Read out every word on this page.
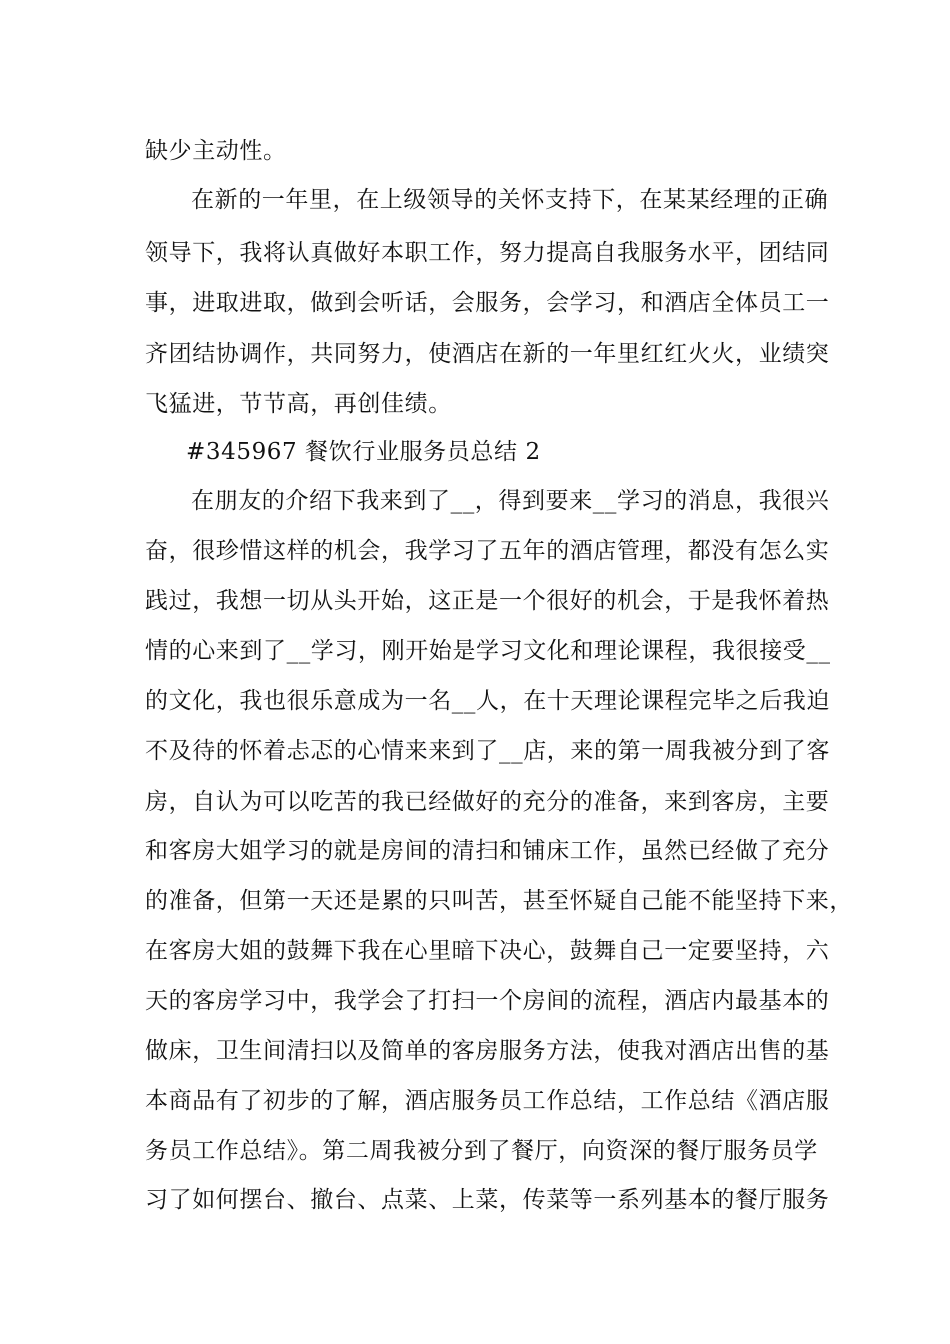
缺少主动性。
在新的一年里，在上级领导的关怀支持下，在某某经理的正确
领导下，我将认真做好本职工作，努力提高自我服务水平，团结同
事，进取进取，做到会听话，会服务，会学习，和酒店全体员工一
齐团结协调作，共同努力，使酒店在新的一年里红红火火，业绩突
飞猛进，节节高，再创佳绩。
#345967 餐饮行业服务员总结 2
在朋友的介绍下我来到了__，得到要来__学习的消息，我很兴
奋，很珍惜这样的机会，我学习了五年的酒店管理，都没有怎么实
践过，我想一切从头开始，这正是一个很好的机会，于是我怀着热
情的心来到了__学习，刚开始是学习文化和理论课程，我很接受__
的文化，我也很乐意成为一名__人，在十天理论课程完毕之后我迫
不及待的怀着忐忑的心情来来到了__店，来的第一周我被分到了客
房，自认为可以吃苦的我已经做好的充分的准备，来到客房，主要
和客房大姐学习的就是房间的清扫和铺床工作，虽然已经做了充分
的准备，但第一天还是累的只叫苦，甚至怀疑自己能不能坚持下来，
在客房大姐的鼓舞下我在心里暗下决心，鼓舞自己一定要坚持，六
天的客房学习中，我学会了打扫一个房间的流程，酒店内最基本的
做床，卫生间清扫以及简单的客房服务方法，使我对酒店出售的基
本商品有了初步的了解，酒店服务员工作总结，工作总结《酒店服
务员工作总结》。第二周我被分到了餐厅，向资深的餐厅服务员学
习了如何摆台、撤台、点菜、上菜，传菜等一系列基本的餐厅服务
